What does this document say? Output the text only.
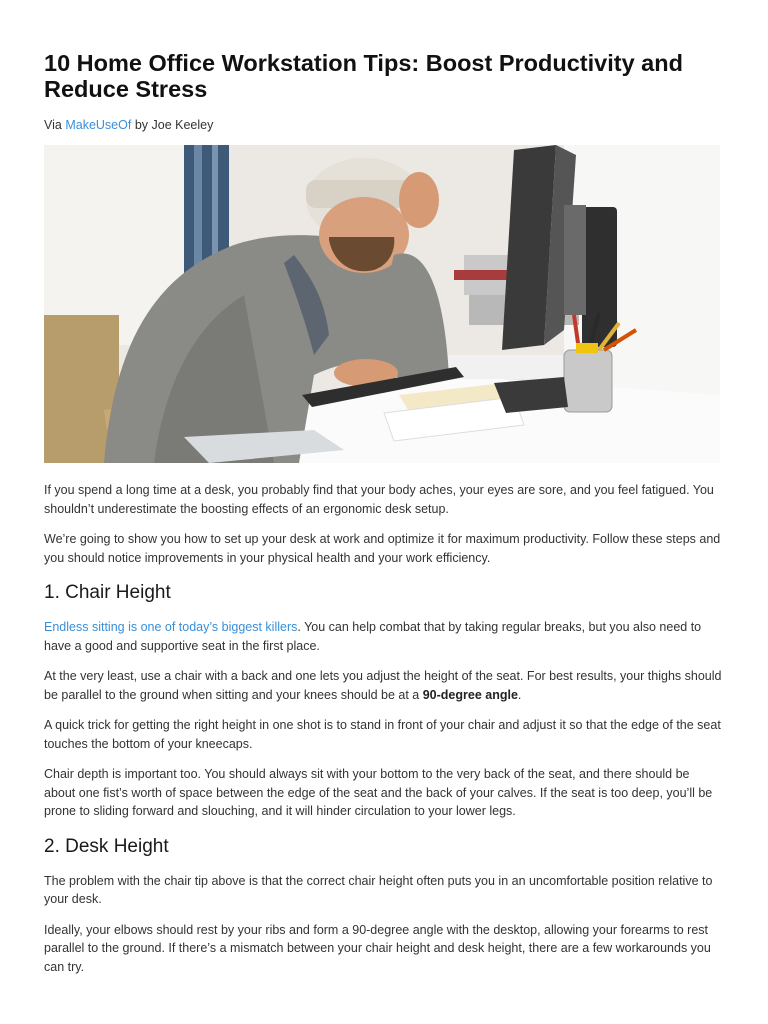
10 Home Office Workstation Tips: Boost Productivity and Reduce Stress
Via MakeUseOf by Joe Keeley

If you spend a long time at a desk, you probably find that your body aches, your eyes are sore, and you feel fatigued. You shouldn’t underestimate the boosting effects of an ergonomic desk setup.

We’re going to show you how to set up your desk at work and optimize it for maximum productivity. Follow these steps and you should notice improvements in your physical health and your work efficiency.

1. Chair Height

Endless sitting is one of today’s biggest killers. You can help combat that by taking regular breaks, but you also need to have a good and supportive seat in the first place.

At the very least, use a chair with a back and one lets you adjust the height of the seat. For best results, your thighs should be parallel to the ground when sitting and your knees should be at a 90-degree angle.

A quick trick for getting the right height in one shot is to stand in front of your chair and adjust it so that the edge of the seat touches the bottom of your kneecaps.

Chair depth is important too. You should always sit with your bottom to the very back of the seat, and there should be about one fist’s worth of space between the edge of the seat and the back of your calves. If the seat is too deep, you’ll be prone to sliding forward and slouching, and it will hinder circulation to your lower legs.

2. Desk Height

The problem with the chair tip above is that the correct chair height often puts you in an uncomfortable position relative to your desk.

Ideally, your elbows should rest by your ribs and form a 90-degree angle with the desktop, allowing your forearms to rest parallel to the ground. If there’s a mismatch between your chair height and desk height, there are a few workarounds you can try.
